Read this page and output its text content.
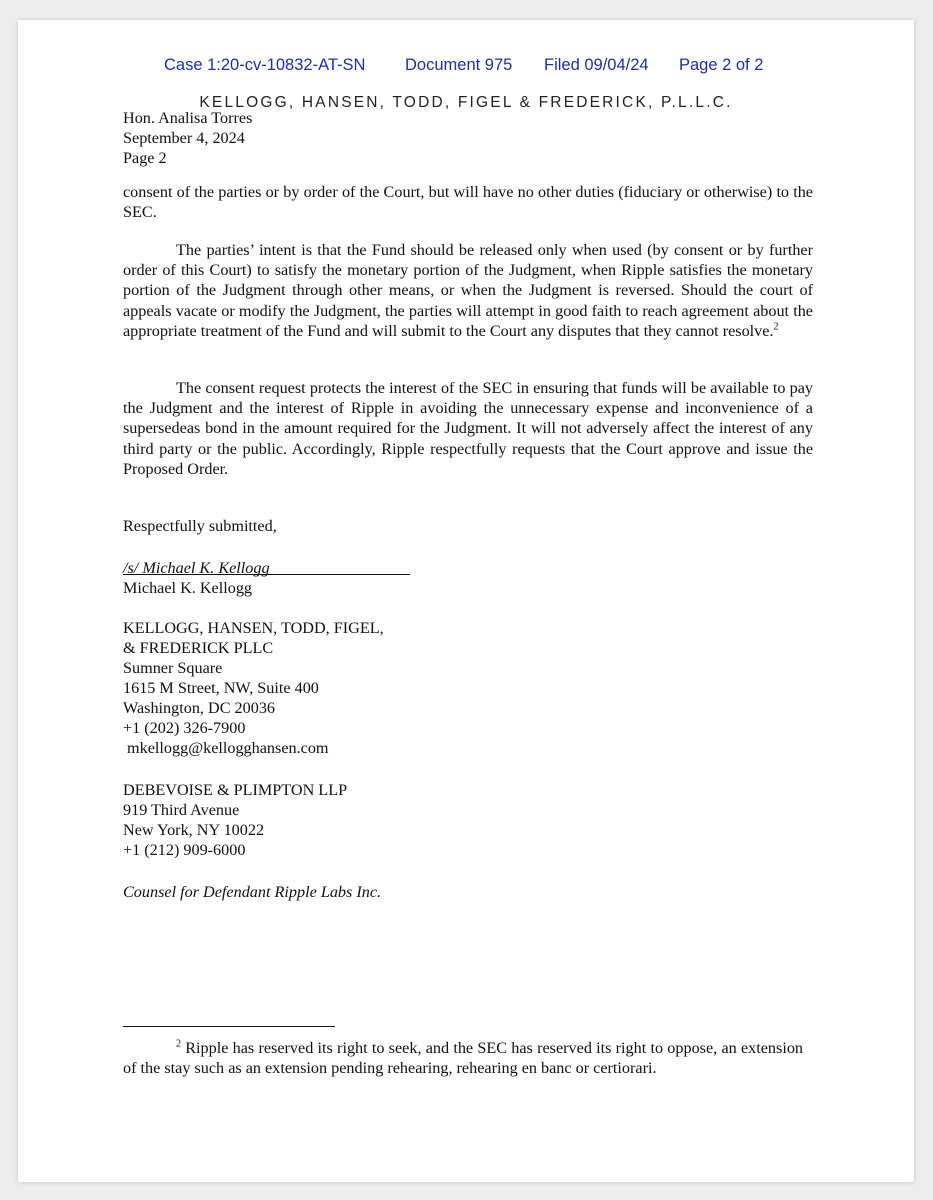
Case 1:20-cv-10832-AT-SN Document 975 Filed 09/04/24 Page 2 of 2
KELLOGG, HANSEN, TODD, FIGEL & FREDERICK, P.L.L.C.
Hon. Analisa Torres
September 4, 2024
Page 2
consent of the parties or by order of the Court, but will have no other duties (fiduciary or otherwise) to the SEC.
The parties’ intent is that the Fund should be released only when used (by consent or by further order of this Court) to satisfy the monetary portion of the Judgment, when Ripple satisfies the monetary portion of the Judgment through other means, or when the Judgment is reversed. Should the court of appeals vacate or modify the Judgment, the parties will attempt in good faith to reach agreement about the appropriate treatment of the Fund and will submit to the Court any disputes that they cannot resolve.$^2$
The consent request protects the interest of the SEC in ensuring that funds will be available to pay the Judgment and the interest of Ripple in avoiding the unnecessary expense and inconvenience of a supersedeas bond in the amount required for the Judgment. It will not adversely affect the interest of any third party or the public. Accordingly, Ripple respectfully requests that the Court approve and issue the Proposed Order.
Respectfully submitted,
/s/ Michael K. Kellogg
Michael K. Kellogg
KELLOGG, HANSEN, TODD, FIGEL,
& FREDERICK PLLC
Sumner Square
1615 M Street, NW, Suite 400
Washington, DC 20036
+1 (202) 326-7900
mkellogg@kellogghansen.com
DEBEVOISE & PLIMPTON LLP
919 Third Avenue
New York, NY 10022
+1 (212) 909-6000
Counsel for Defendant Ripple Labs Inc.
$^2$ Ripple has reserved its right to seek, and the SEC has reserved its right to oppose, an extension of the stay such as an extension pending rehearing, rehearing en banc or certiorari.
